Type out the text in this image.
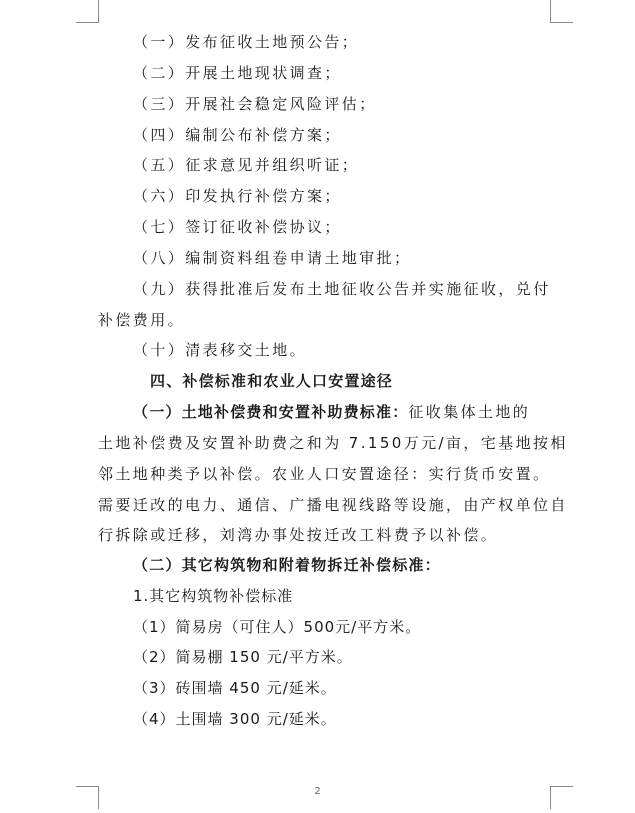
（一）发布征收土地预公告；
（二）开展土地现状调查；
（三）开展社会稳定风险评估；
（四）编制公布补偿方案；
（五）征求意见并组织听证；
（六）印发执行补偿方案；
（七）签订征收补偿协议；
（八）编制资料组卷申请土地审批；
（九）获得批准后发布土地征收公告并实施征收，兑付
补偿费用。
（十）清表移交土地。
四、补偿标准和农业人口安置途径
（一）土地补偿费和安置补助费标准：征收集体土地的
土地补偿费及安置补助费之和为 7.150万元/亩，宅基地按相
邻土地种类予以补偿。农业人口安置途径：实行货币安置。
需要迁改的电力、通信、广播电视线路等设施，由产权单位自
行拆除或迁移，刘湾办事处按迁改工料费予以补偿。
（二）其它构筑物和附着物拆迁补偿标准：
1.其它构筑物补偿标准
（1）简易房（可住人）500元/平方米。
（2）简易棚 150 元/平方米。
（3）砖围墙 450 元/延米。
（4）土围墙 300 元/延米。
2
